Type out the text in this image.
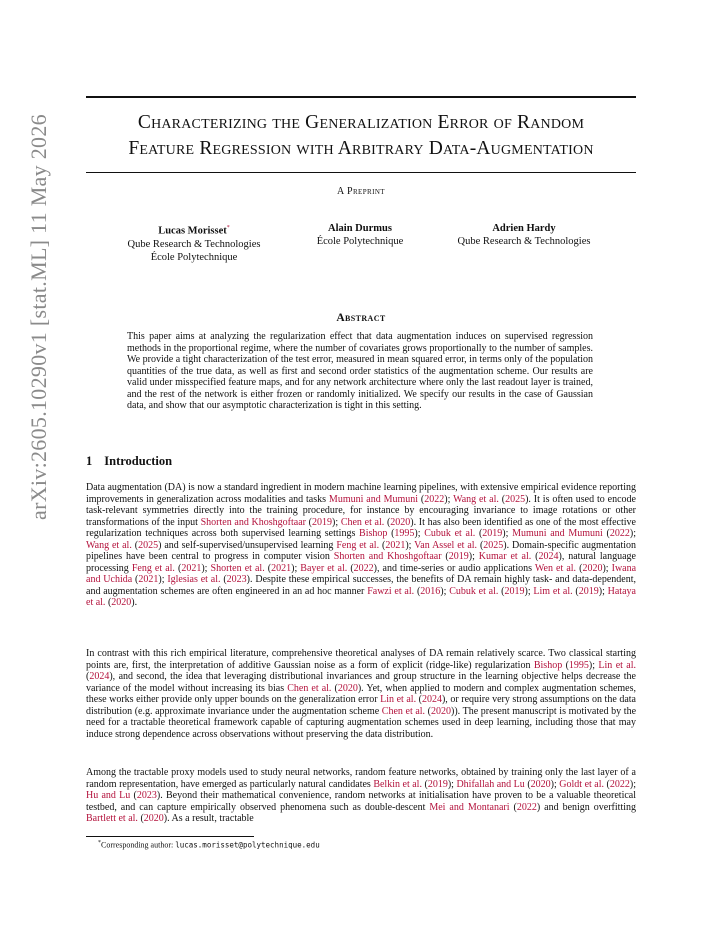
arXiv:2605.10290v1 [stat.ML] 11 May 2026	Characterizing the Generalization Error of Random
Feature Regression with Arbitrary Data-Augmentation
A Preprint
Lucas Morisset*
Qube Research & Technologies
École Polytechnique
Alain Durmus
École Polytechnique
Adrien Hardy
Qube Research & Technologies
Abstract
This paper aims at analyzing the regularization effect that data augmentation induces on supervised regression methods in the proportional regime, where the number of covariates grows proportionally to the number of samples. We provide a tight characterization of the test error, measured in mean squared error, in terms only of the population quantities of the true data, as well as first and second order statistics of the augmentation scheme. Our results are valid under misspecified feature maps, and for any network architecture where only the last readout layer is trained, and the rest of the network is either frozen or randomly initialized. We specify our results in the case of Gaussian data, and show that our asymptotic characterization is tight in this setting.
1 Introduction
Data augmentation (DA) is now a standard ingredient in modern machine learning pipelines, with extensive empirical evidence reporting improvements in generalization across modalities and tasks Mumuni and Mumuni (2022); Wang et al. (2025). It is often used to encode task-relevant symmetries directly into the training procedure, for instance by encouraging invariance to image rotations or other transformations of the input Shorten and Khoshgoftaar (2019); Chen et al. (2020). It has also been identified as one of the most effective regularization techniques across both supervised learning settings Bishop (1995); Cubuk et al. (2019); Mumuni and Mumuni (2022); Wang et al. (2025) and self-supervised/unsupervised learning Feng et al. (2021); Van Assel et al. (2025). Domain-specific augmentation pipelines have been central to progress in computer vision Shorten and Khoshgoftaar (2019); Kumar et al. (2024), natural language processing Feng et al. (2021); Shorten et al. (2021); Bayer et al. (2022), and time-series or audio applications Wen et al. (2020); Iwana and Uchida (2021); Iglesias et al. (2023). Despite these empirical successes, the benefits of DA remain highly task- and data-dependent, and augmentation schemes are often engineered in an ad hoc manner Fawzi et al. (2016); Cubuk et al. (2019); Lim et al. (2019); Hataya et al. (2020).
In contrast with this rich empirical literature, comprehensive theoretical analyses of DA remain relatively scarce. Two classical starting points are, first, the interpretation of additive Gaussian noise as a form of explicit (ridge-like) regularization Bishop (1995); Lin et al. (2024), and second, the idea that leveraging distributional invariances and group structure in the learning objective helps decrease the variance of the model without increasing its bias Chen et al. (2020). Yet, when applied to modern and complex augmentation schemes, these works either provide only upper bounds on the generalization error Lin et al. (2024), or require very strong assumptions on the data distribution (e.g. approximate invariance under the augmentation scheme Chen et al. (2020)). The present manuscript is motivated by the need for a tractable theoretical framework capable of capturing augmentation schemes used in deep learning, including those that may induce strong dependence across observations without preserving the data distribution.
Among the tractable proxy models used to study neural networks, random feature networks, obtained by training only the last layer of a random representation, have emerged as particularly natural candidates Belkin et al. (2019); Dhifallah and Lu (2020); Goldt et al. (2022); Hu and Lu (2023). Beyond their mathematical convenience, random networks at initialisation have proven to be a valuable theoretical testbed, and can capture empirically observed phenomena such as double-descent Mei and Montanari (2022) and benign overfitting Bartlett et al. (2020). As a result, tractable
*Corresponding author: lucas.morisset@polytechnique.edu
